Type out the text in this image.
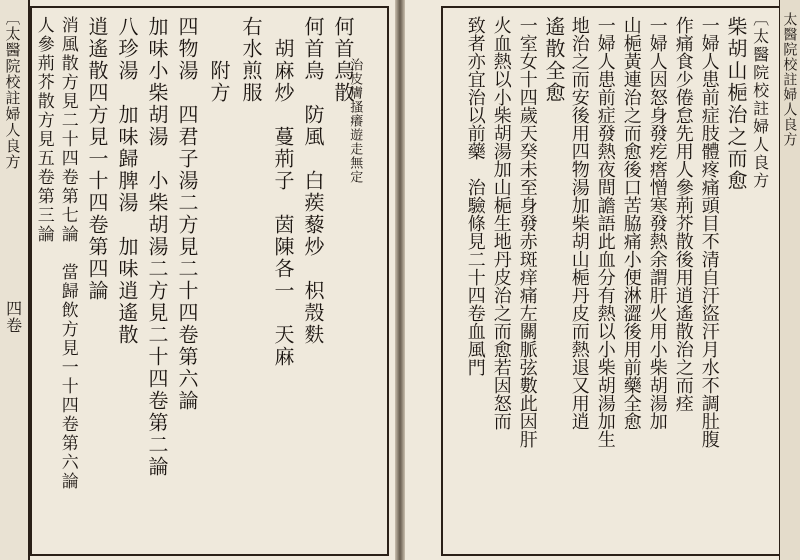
〔太醫院校註婦人良方
四卷
何首烏散
何首烏　防風　白蒺藜炒　枳殼麩
　胡麻炒　蔓荊子　茵陳各一　天麻	　　治皮膚搔癢遊走無定
右水煎服
附方
四物湯　四君子湯二方見二十四卷第六論
加味小柴胡湯　小柴胡湯二方見二十四卷第二論
八珍湯　加味歸脾湯　加味逍遙散
逍遙散四方見一十四卷第四論
消風散方見二十四卷第七論　當歸飲方見一十四卷第六論
人參荊芥散方見五卷第三論	太醫院校註婦人良方
〔太醫院校註婦人良方
柴胡山梔治之而愈
一婦人患前症肢體疼痛頭目不清自汗盜汗月水不調肚腹
作痛食少倦怠先用人參荊芥散後用逍遙散治之而痊
一婦人因怒身發疙瘩憎寒發熱余謂肝火用小柴胡湯加
山梔黃連治之而愈後口苦脇痛小便淋澀後用前藥全愈
一婦人患前症發熱夜間譫語此血分有熱以小柴胡湯加生
地治之而安後用四物湯加柴胡山梔丹皮而熱退又用逍
遙散全愈
一室女十四歲天癸未至身發赤斑痒痛左關脈弦數此因肝
火血熱以小柴胡湯加山梔生地丹皮治之而愈若因怒而
致者亦宜治以前藥　治驗條見二十四卷血風門
